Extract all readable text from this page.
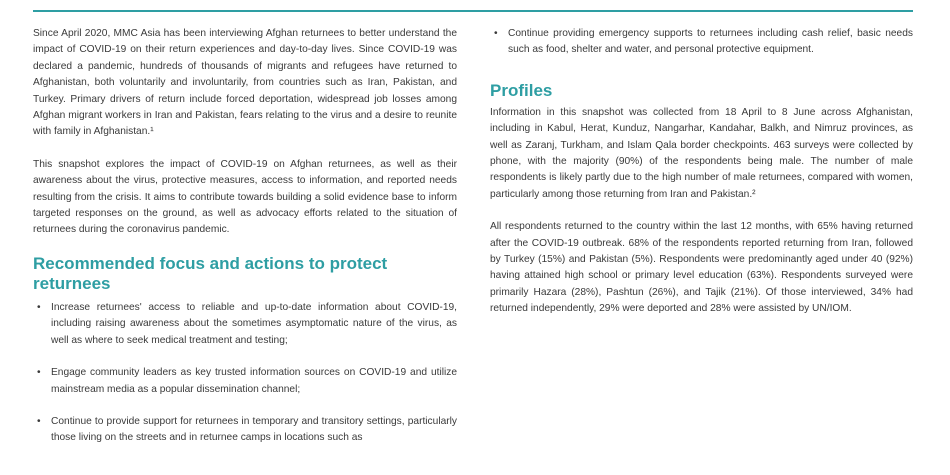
Since April 2020, MMC Asia has been interviewing Afghan returnees to better understand the impact of COVID-19 on their return experiences and day-to-day lives. Since COVID-19 was declared a pandemic, hundreds of thousands of migrants and refugees have returned to Afghanistan, both voluntarily and involuntarily, from countries such as Iran, Pakistan, and Turkey. Primary drivers of return include forced deportation, widespread job losses among Afghan migrant workers in Iran and Pakistan, fears relating to the virus and a desire to reunite with family in Afghanistan.¹

This snapshot explores the impact of COVID-19 on Afghan returnees, as well as their awareness about the virus, protective measures, access to information, and reported needs resulting from the crisis. It aims to contribute towards building a solid evidence base to inform targeted responses on the ground, as well as advocacy efforts related to the situation of returnees during the coronavirus pandemic.

Recommended focus and actions to protect returnees
• Increase returnees' access to reliable and up-to-date information about COVID-19, including raising awareness about the sometimes asymptomatic nature of the virus, as well as where to seek medical treatment and testing;
• Engage community leaders as key trusted information sources on COVID-19 and utilize mainstream media as a popular dissemination channel;
• Continue to provide support for returnees in temporary and transitory settings, particularly those living on the streets and in returnee camps in locations such as
• Continue providing emergency supports to returnees including cash relief, basic needs such as food, shelter and water, and personal protective equipment.
Profiles

Information in this snapshot was collected from 18 April to 8 June across Afghanistan, including in Kabul, Herat, Kunduz, Nangarhar, Kandahar, Balkh, and Nimruz provinces, as well as Zaranj, Turkham, and Islam Qala border checkpoints. 463 surveys were collected by phone, with the majority (90%) of the respondents being male. The number of male respondents is likely partly due to the high number of male returnees, compared with women, particularly among those returning from Iran and Pakistan.²

All respondents returned to the country within the last 12 months, with 65% having returned after the COVID-19 outbreak. 68% of the respondents reported returning from Iran, followed by Turkey (15%) and Pakistan (5%). Respondents were predominantly aged under 40 (92%) having attained high school or primary level education (63%). Respondents surveyed were primarily Hazara (28%), Pashtun (26%), and Tajik (21%). Of those interviewed, 34% had returned independently, 29% were deported and 28% were assisted by UN/IOM.
